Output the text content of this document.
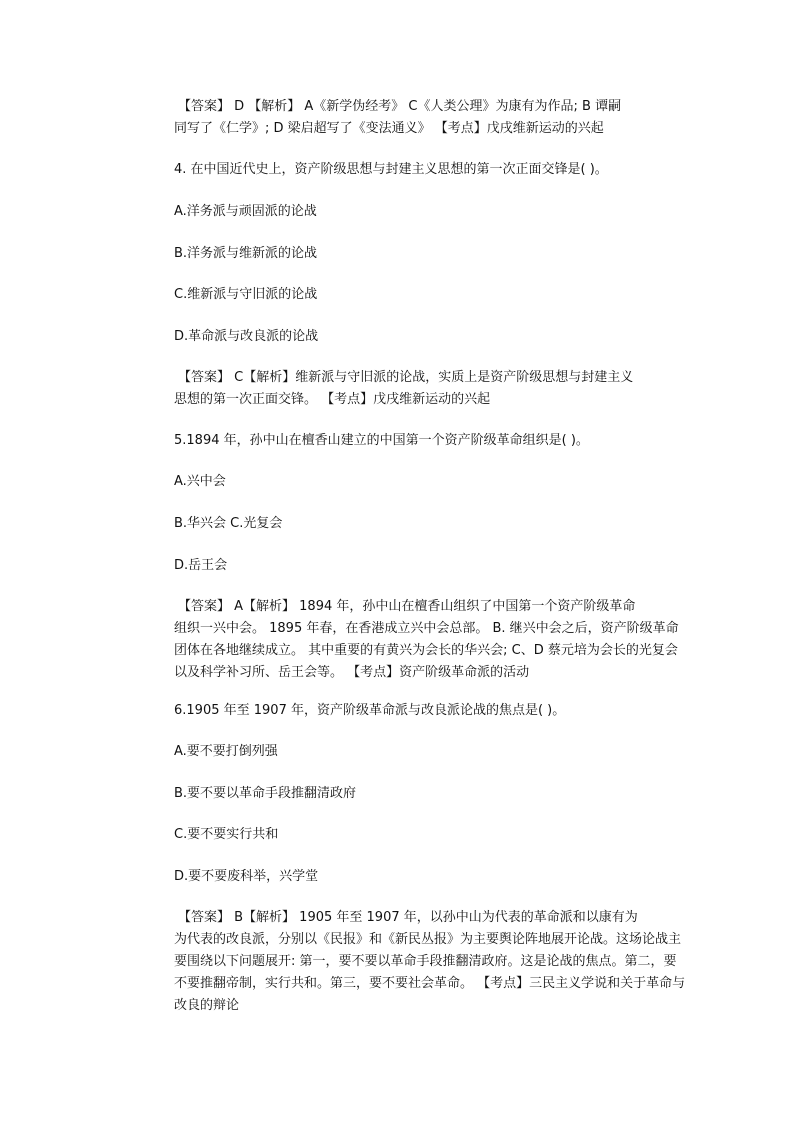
【答案】 D 【解析】 A《新学伪经考》 C《人类公理》为康有为作品; B 谭嗣
同写了《仁学》; D 梁启超写了《变法通义》 【考点】戊戌维新运动的兴起
4. 在中国近代史上，资产阶级思想与封建主义思想的第一次正面交锋是( )。
A.洋务派与顽固派的论战
B.洋务派与维新派的论战
C.维新派与守旧派的论战
D.革命派与改良派的论战
【答案】 C【解析】维新派与守旧派的论战，实质上是资产阶级思想与封建主义
思想的第一次正面交锋。 【考点】戊戌维新运动的兴起
5.1894 年，孙中山在檀香山建立的中国第一个资产阶级革命组织是( )。
A.兴中会
B.华兴会 C.光复会
D.岳王会
【答案】 A【解析】 1894 年，孙中山在檀香山组织了中国第一个资产阶级革命
组织一兴中会。 1895 年春，在香港成立兴中会总部。 B. 继兴中会之后，资产阶级革命
团体在各地继续成立。 其中重要的有黄兴为会长的华兴会; C、D 蔡元培为会长的光复会
以及科学补习所、岳王会等。 【考点】资产阶级革命派的活动
6.1905 年至 1907 年，资产阶级革命派与改良派论战的焦点是( )。
A.要不要打倒列强
B.要不要以革命手段推翻清政府
C.要不要实行共和
D.要不要废科举，兴学堂
【答案】 B【解析】 1905 年至 1907 年，以孙中山为代表的革命派和以康有为
为代表的改良派，分别以《民报》和《新民丛报》为主要舆论阵地展开论战。这场论战主
要围绕以下问题展开: 第一，要不要以革命手段推翻清政府。这是论战的焦点。第二，要
不要推翻帝制，实行共和。第三，要不要社会革命。 【考点】三民主义学说和关于革命与
改良的辩论
